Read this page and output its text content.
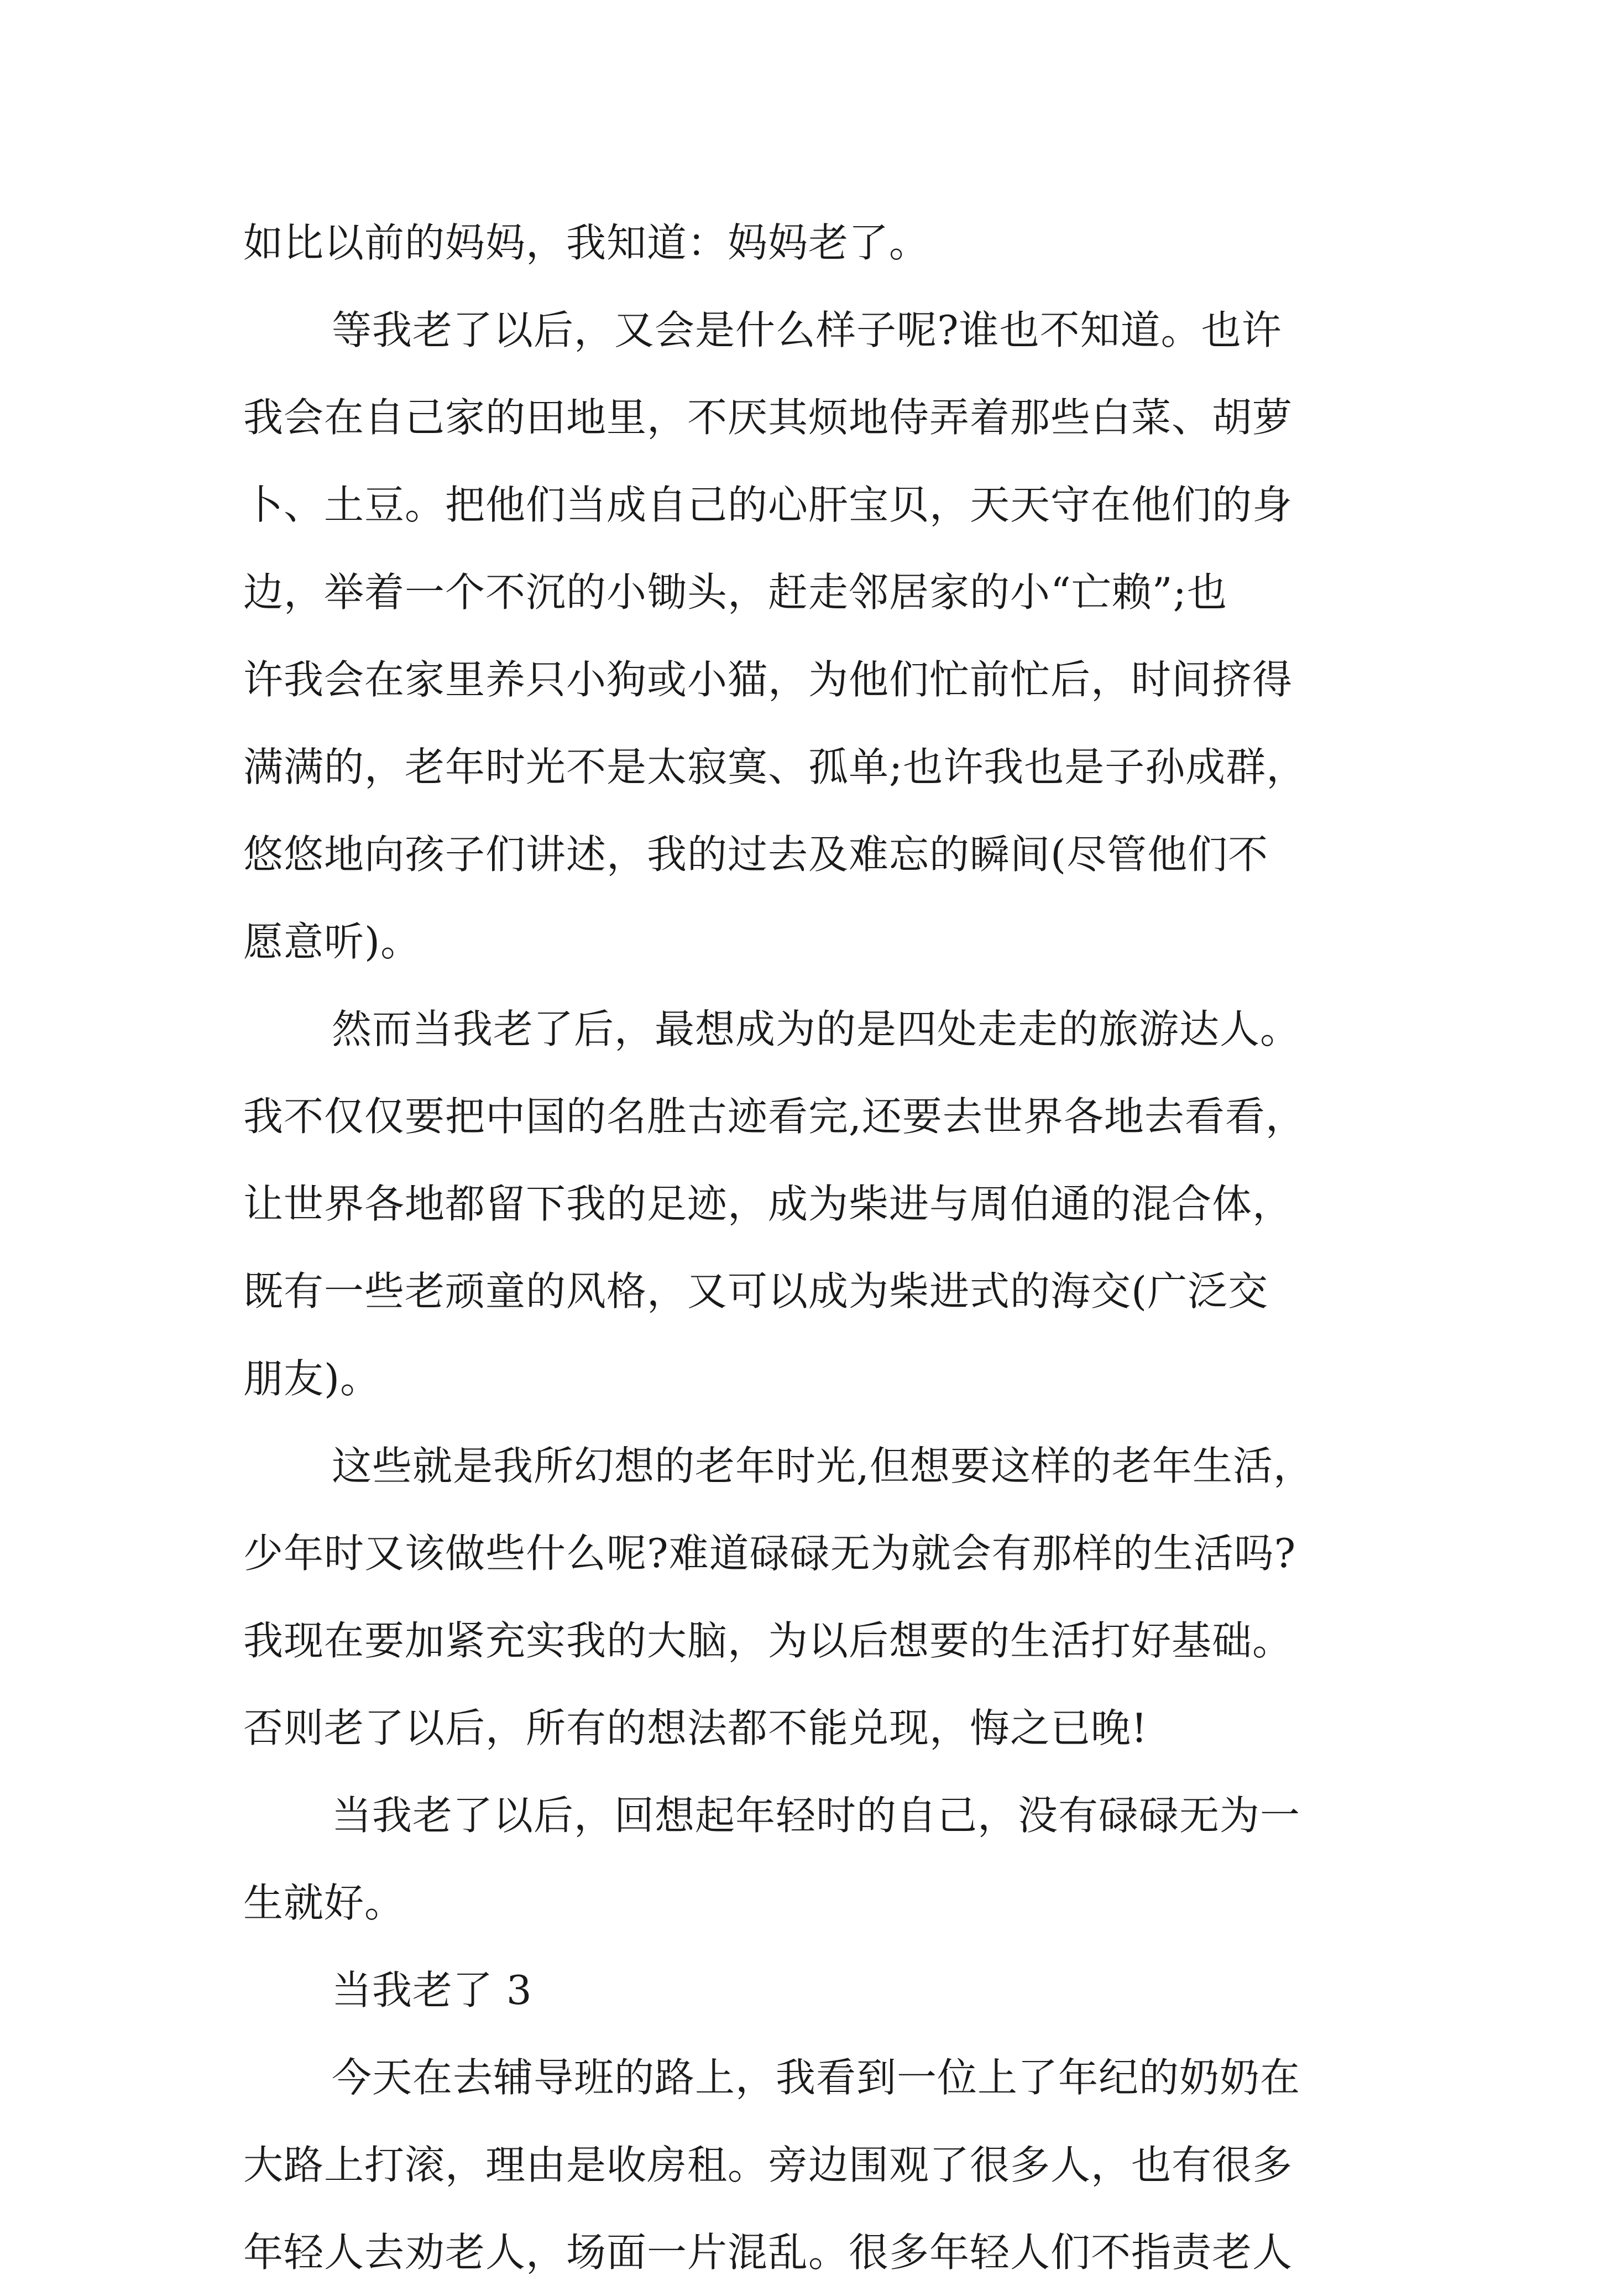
如比以前的妈妈，我知道：妈妈老了。
等我老了以后，又会是什么样子呢?谁也不知道。也许
我会在自己家的田地里，不厌其烦地侍弄着那些白菜、胡萝
卜、土豆。把他们当成自己的心肝宝贝，天天守在他们的身
边，举着一个不沉的小锄头，赶走邻居家的小“亡赖”;也
许我会在家里养只小狗或小猫，为他们忙前忙后，时间挤得
满满的，老年时光不是太寂寞、孤单;也许我也是子孙成群，
悠悠地向孩子们讲述，我的过去及难忘的瞬间(尽管他们不
愿意听)。
然而当我老了后，最想成为的是四处走走的旅游达人。
我不仅仅要把中国的名胜古迹看完,还要去世界各地去看看，
让世界各地都留下我的足迹，成为柴进与周伯通的混合体，
既有一些老顽童的风格，又可以成为柴进式的海交(广泛交
朋友)。
这些就是我所幻想的老年时光,但想要这样的老年生活，
少年时又该做些什么呢?难道碌碌无为就会有那样的生活吗?
我现在要加紧充实我的大脑，为以后想要的生活打好基础。
否则老了以后，所有的想法都不能兑现，悔之已晚!
当我老了以后，回想起年轻时的自己，没有碌碌无为一
生就好。
当我老了 3
今天在去辅导班的路上，我看到一位上了年纪的奶奶在
大路上打滚，理由是收房租。旁边围观了很多人，也有很多
年轻人去劝老人，场面一片混乱。很多年轻人们不指责老人
